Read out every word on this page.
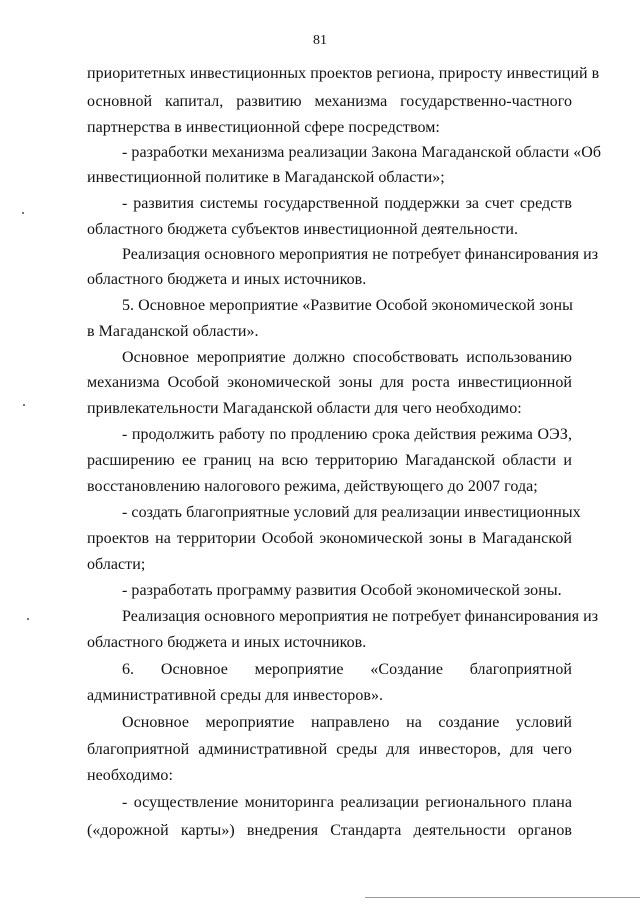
81
приоритетных инвестиционных проектов региона, приросту инвестиций в
основной капитал, развитию механизма государственно-частного
партнерства в инвестиционной сфере посредством:
- разработки механизма реализации Закона Магаданской области «Об
инвестиционной политике в Магаданской области»;
- развития системы государственной поддержки за счет средств
областного бюджета субъектов инвестиционной деятельности.
Реализация основного мероприятия не потребует финансирования из
областного бюджета и иных источников.
5. Основное мероприятие «Развитие Особой экономической зоны
в Магаданской области».
Основное мероприятие должно способствовать использованию
механизма Особой экономической зоны для роста инвестиционной
привлекательности Магаданской области для чего необходимо:
- продолжить работу по продлению срока действия режима ОЭЗ,
расширению ее границ на всю территорию Магаданской области и
восстановлению налогового режима, действующего до 2007 года;
- создать благоприятные условий для реализации инвестиционных
проектов на территории Особой экономической зоны в Магаданской
области;
- разработать программу развития Особой экономической зоны.
Реализация основного мероприятия не потребует финансирования из
областного бюджета и иных источников.
6. Основное мероприятие «Создание благоприятной
административной среды для инвесторов».
Основное мероприятие направлено на создание условий
благоприятной административной среды для инвесторов, для чего
необходимо:
- осуществление мониторинга реализации регионального плана
(«дорожной карты») внедрения Стандарта деятельности органов
